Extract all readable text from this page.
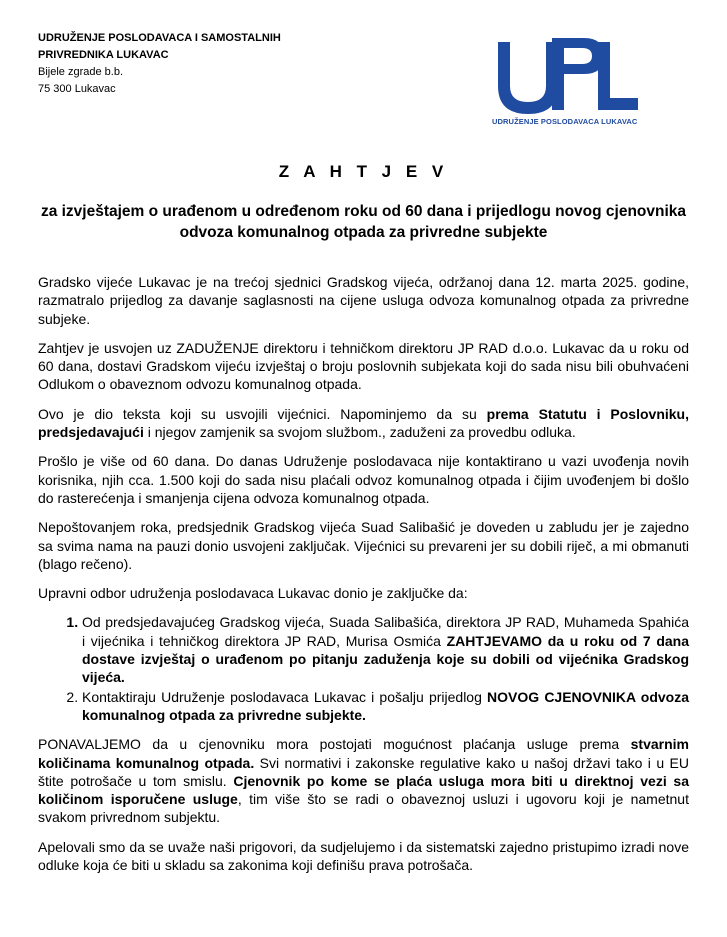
UDRUŽENJE POSLODAVACA I SAMOSTALNIH
PRIVREDNIKA LUKAVAC
Bijele zgrade b.b.
75 300 Lukavac
UDRUŽENJE POSLODAVACA LUKAVAC
Z A H T J E V
za izvještajem o urađenom u određenom roku od 60 dana i prijedlogu novog cjenovnika odvoza komunalnog otpada za privredne subjekte

Gradsko vijeće Lukavac je na trećoj sjednici Gradskog vijeća, održanoj dana 12. marta 2025. godine, razmatralo prijedlog za davanje saglasnosti na cijene usluga odvoza komunalnog otpada za privredne subjeke.

Zahtjev je usvojen uz ZADUŽENJE direktoru i tehničkom direktoru JP RAD d.o.o. Lukavac da u roku od 60 dana, dostavi Gradskom vijeću izvještaj o broju poslovnih subjekata koji do sada nisu bili obuhvaćeni Odlukom o obaveznom odvozu komunalnog otpada.

Ovo je dio teksta koji su usvojili vijećnici. Napominjemo da su prema Statutu i Poslovniku, predsjedavajući i njegov zamjenik sa svojom službom., zaduženi za provedbu odluka.

Prošlo je više od 60 dana. Do danas Udruženje poslodavaca nije kontaktirano u vazi uvođenja novih korisnika, njih cca. 1.500 koji do sada nisu plaćali odvoz komunalnog otpada i čijim uvođenjem bi došlo do rasterećenja i smanjenja cijena odvoza komunalnog otpada.

Nepoštovanjem roka, predsjednik Gradskog vijeća Suad Salibašić je doveden u zabludu jer je zajedno sa svima nama na pauzi donio usvojeni zaključak. Vijećnici su prevareni jer su dobili riječ, a mi obmanuti (blago rečeno).

Upravni odbor udruženja poslodavaca Lukavac donio je zaključke da:

1. Od predsjedavajućeg Gradskog vijeća, Suada Salibašića, direktora JP RAD, Muhameda Spahića i vijećnika i tehničkog direktora JP RAD, Murisa Osmića ZAHTJEVAMO da u roku od 7 dana dostave izvještaj o urađenom po pitanju zaduženja koje su dobili od vijećnika Gradskog vijeća.
2. Kontaktiraju Udruženje poslodavaca Lukavac i pošalju prijedlog NOVOG CJENOVNIKA odvoza komunalnog otpada za privredne subjekte.

PONAVALJEMO da u cjenovniku mora postojati mogućnost plaćanja usluge prema stvarnim količinama komunalnog otpada. Svi normativi i zakonske regulative kako u našoj državi tako i u EU štite potrošače u tom smislu. Cjenovnik po kome se plaća usluga mora biti u direktnoj vezi sa količinom isporučene usluge, tim više što se radi o obaveznoj usluzi i ugovoru koji je nametnut svakom privrednom subjektu.

Apelovali smo da se uvaže naši prigovori, da sudjelujemo i da sistematski zajedno pristupimo izradi nove odluke koja će biti u skladu sa zakonima koji definišu prava potrošača.
